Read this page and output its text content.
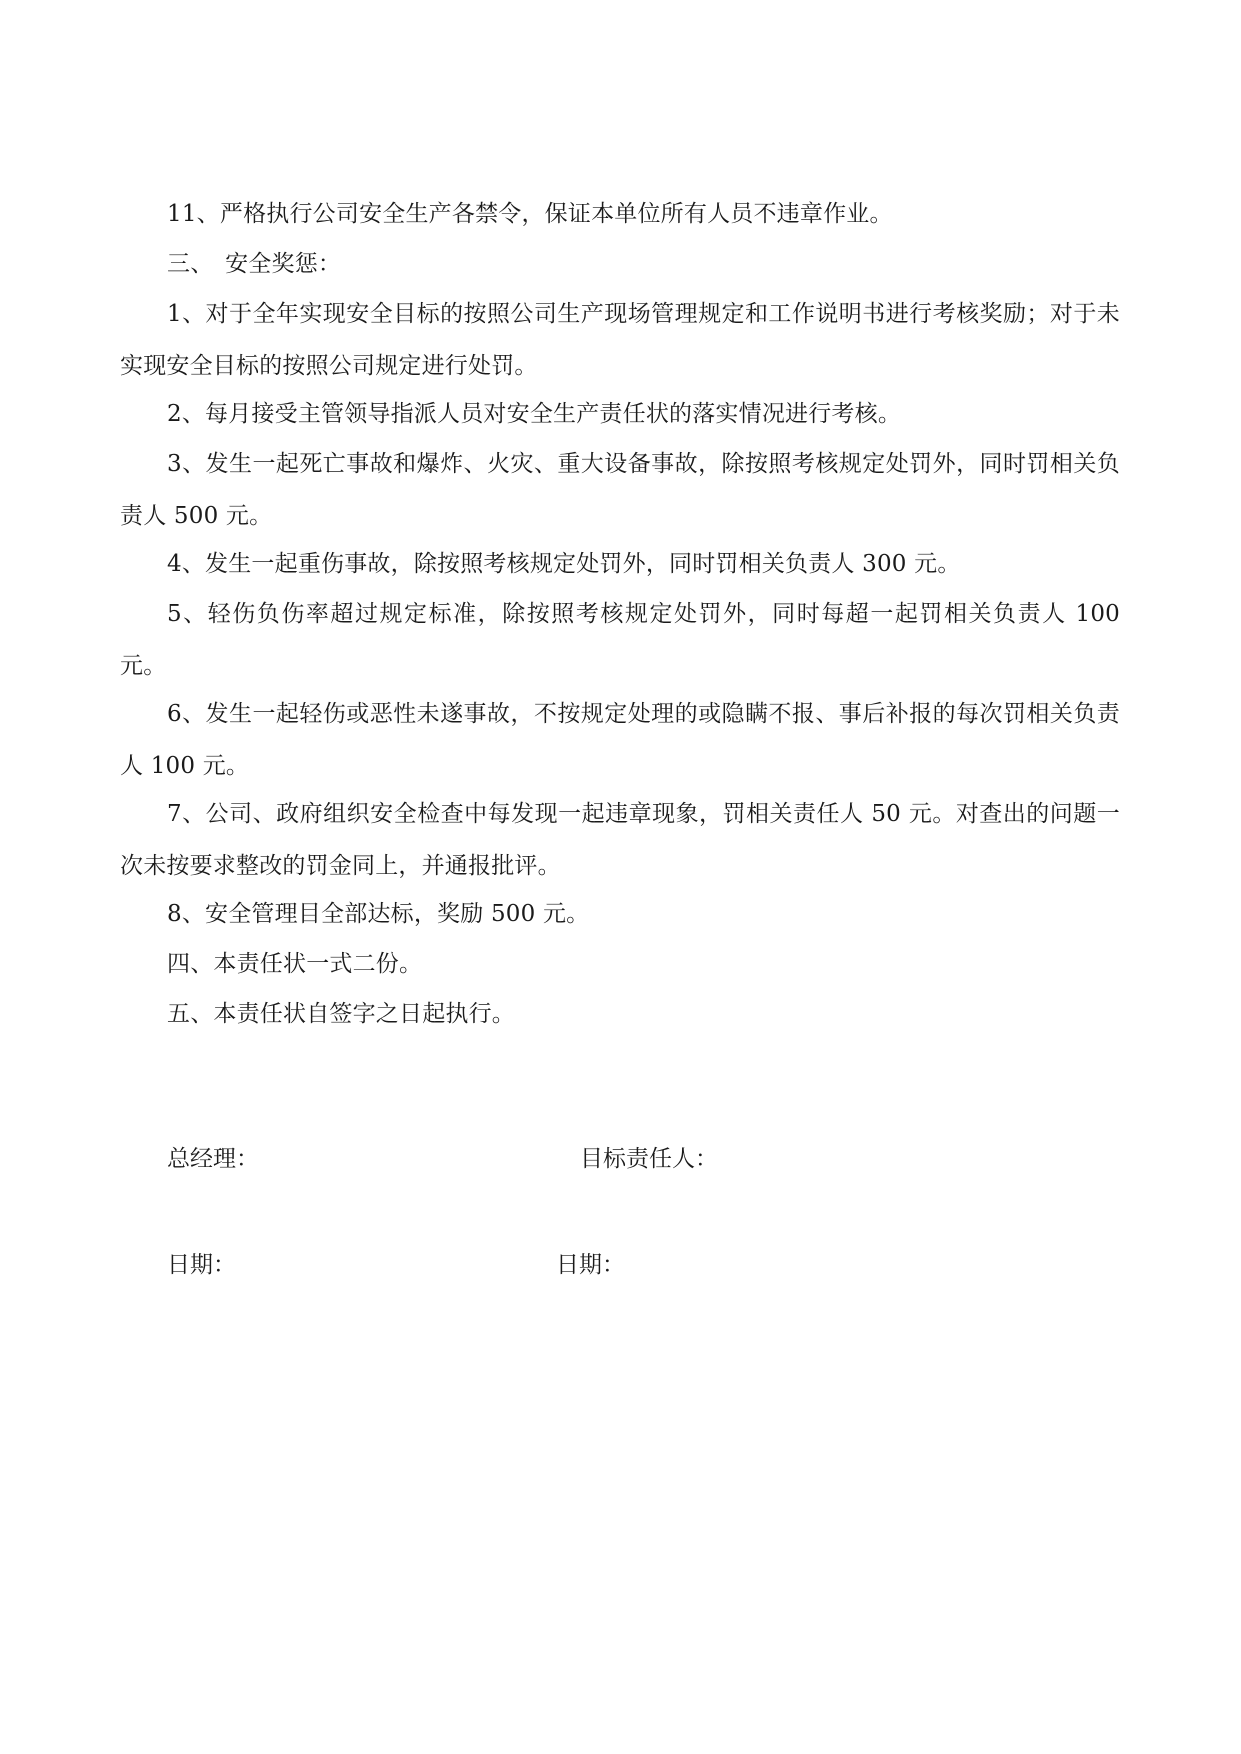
11、严格执行公司安全生产各禁令，保证本单位所有人员不违章作业。
三、　安全奖惩：
1、对于全年实现安全目标的按照公司生产现场管理规定和工作说明书进行考核奖励；对于未实现安全目标的按照公司规定进行处罚。
2、每月接受主管领导指派人员对安全生产责任状的落实情况进行考核。
3、发生一起死亡事故和爆炸、火灾、重大设备事故，除按照考核规定处罚外，同时罚相关负责人 500 元。
4、发生一起重伤事故，除按照考核规定处罚外，同时罚相关负责人 300 元。
5、轻伤负伤率超过规定标准，除按照考核规定处罚外，同时每超一起罚相关负责人 100 元。
6、发生一起轻伤或恶性未遂事故，不按规定处理的或隐瞒不报、事后补报的每次罚相关负责人 100 元。
7、公司、政府组织安全检查中每发现一起违章现象，罚相关责任人 50 元。对查出的问题一次未按要求整改的罚金同上，并通报批评。
8、安全管理目全部达标，奖励 500 元。
四、本责任状一式二份。
五、本责任状自签字之日起执行。
总经理：	目标责任人：
日期：	日期：
